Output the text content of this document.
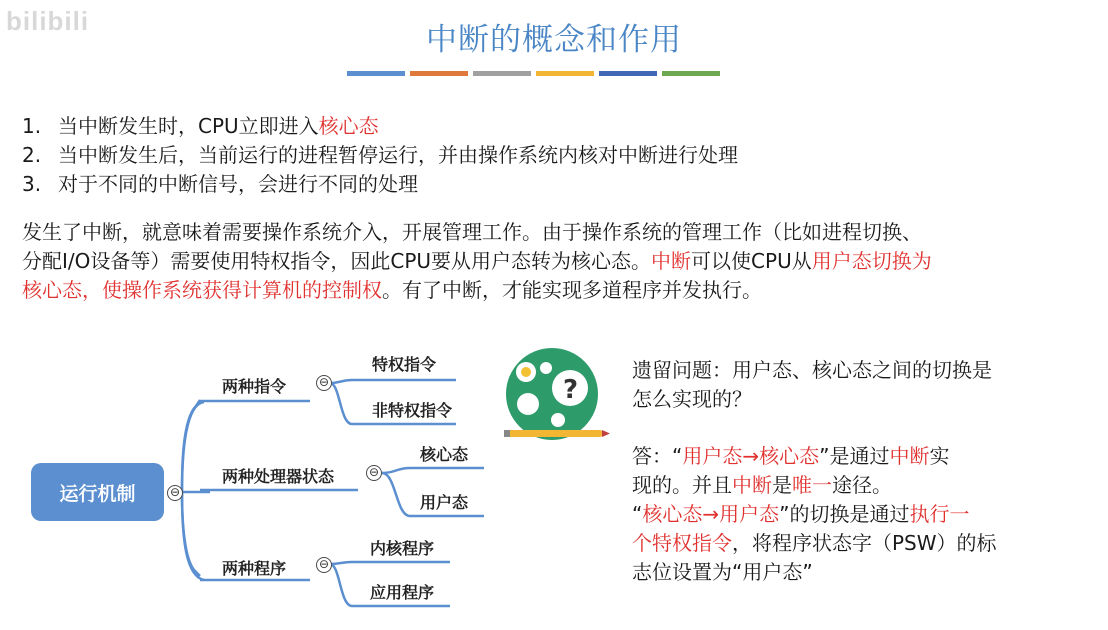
bilibili
中断的概念和作用
1. 当中断发生时，CPU立即进入核心态
2. 当中断发生后，当前运行的进程暂停运行，并由操作系统内核对中断进行处理
3. 对于不同的中断信号，会进行不同的处理
发生了中断，就意味着需要操作系统介入，开展管理工作。由于操作系统的管理工作（比如进程切换、
分配I/O设备等）需要使用特权指令，因此CPU要从用户态转为核心态。中断可以使CPU从用户态切换为
核心态，使操作系统获得计算机的控制权。有了中断，才能实现多道程序并发执行。
运行机制	⊖
两种指令	⊖
特权指令
非特权指令
两种处理器状态	⊖
核心态
用户态
两种程序	⊖
内核程序
应用程序
?

遗留问题：用户态、核心态之间的切换是

怎么实现的？

答：“用户态→核心态”是通过中断实

现的。并且中断是唯一途径。

“核心态→用户态”的切换是通过执行一

个特权指令，将程序状态字（PSW）的标

志位设置为“用户态”
